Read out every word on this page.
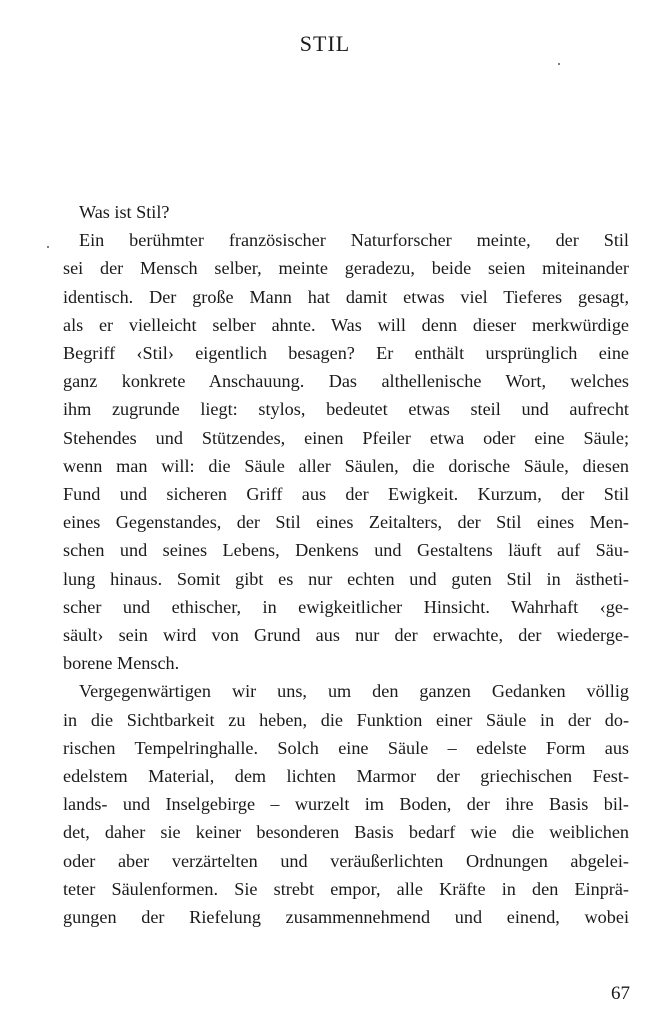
STIL
Was ist Stil?
Ein berühmter französischer Naturforscher meinte, der Stil
sei der Mensch selber, meinte geradezu, beide seien miteinander
identisch. Der große Mann hat damit etwas viel Tieferes gesagt,
als er vielleicht selber ahnte. Was will denn dieser merkwürdige
Begriff ‹Stil› eigentlich besagen? Er enthält ursprünglich eine
ganz konkrete Anschauung. Das althellenische Wort, welches
ihm zugrunde liegt: stylos, bedeutet etwas steil und aufrecht
Stehendes und Stützendes, einen Pfeiler etwa oder eine Säule;
wenn man will: die Säule aller Säulen, die dorische Säule, diesen
Fund und sicheren Griff aus der Ewigkeit. Kurzum, der Stil
eines Gegenstandes, der Stil eines Zeitalters, der Stil eines Men-
schen und seines Lebens, Denkens und Gestaltens läuft auf Säu-
lung hinaus. Somit gibt es nur echten und guten Stil in ästheti-
scher und ethischer, in ewigkeitlicher Hinsicht. Wahrhaft ‹ge-
säult› sein wird von Grund aus nur der erwachte, der wiederge-
borene Mensch.
Vergegenwärtigen wir uns, um den ganzen Gedanken völlig
in die Sichtbarkeit zu heben, die Funktion einer Säule in der do-
rischen Tempelringhalle. Solch eine Säule – edelste Form aus
edelstem Material, dem lichten Marmor der griechischen Fest-
lands- und Inselgebirge – wurzelt im Boden, der ihre Basis bil-
det, daher sie keiner besonderen Basis bedarf wie die weiblichen
oder aber verzärtelten und veräußerlichten Ordnungen abgelei-
teter Säulenformen. Sie strebt empor, alle Kräfte in den Einprä-
gungen der Riefelung zusammennehmend und einend, wobei
67
